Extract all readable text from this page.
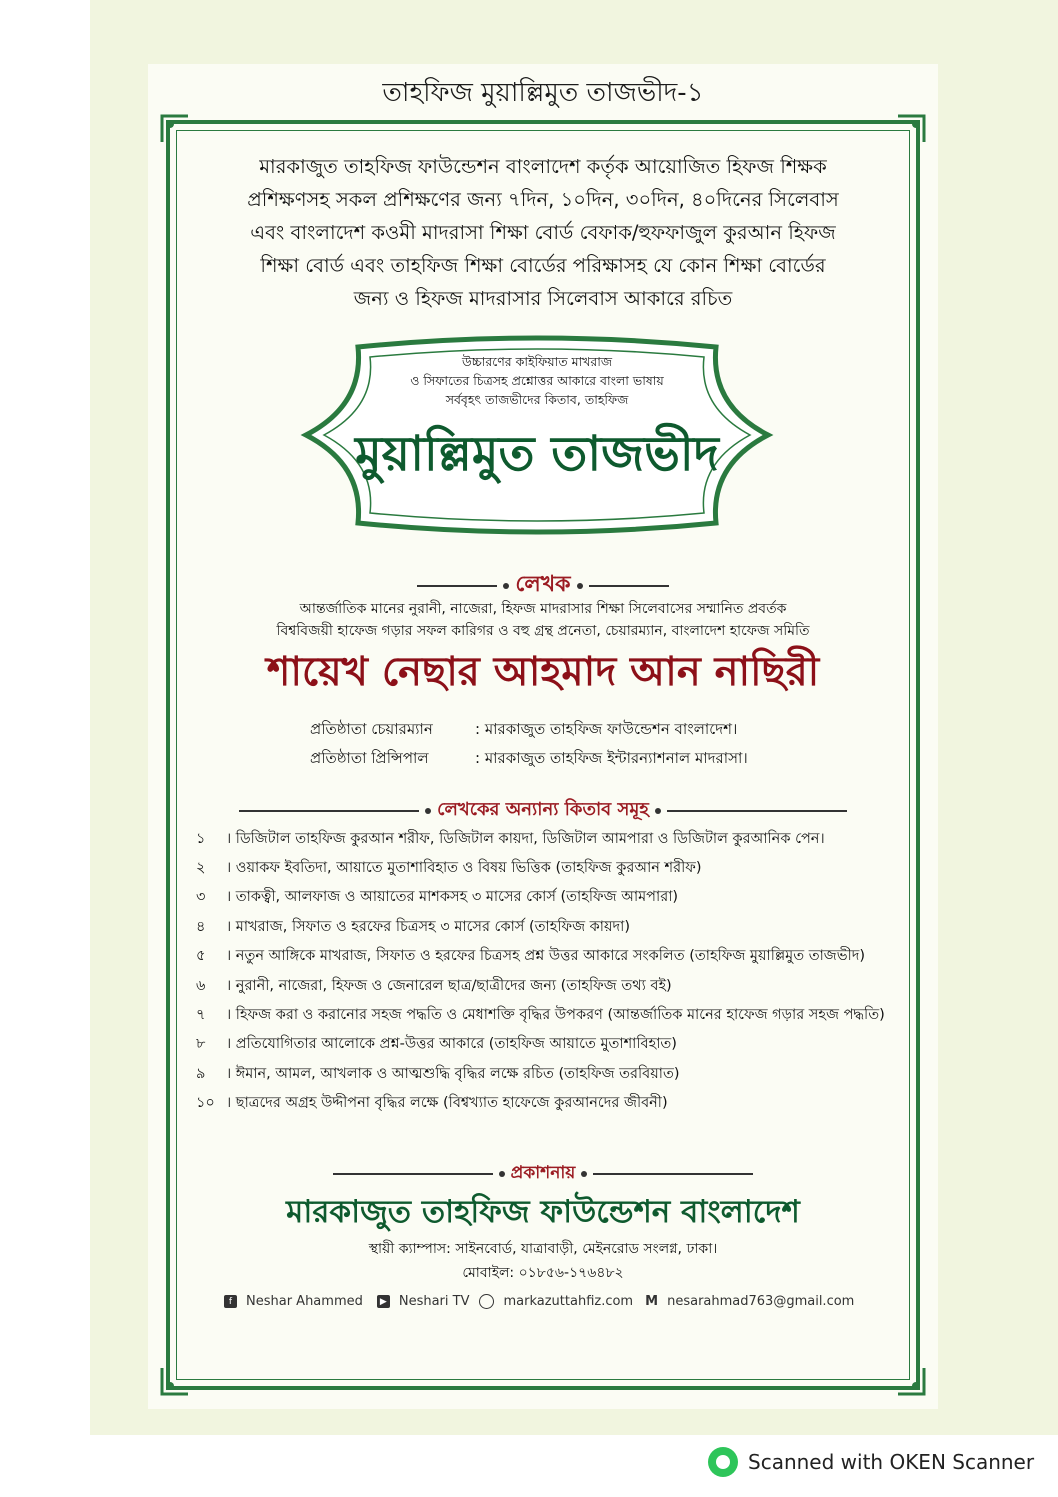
তাহফিজ মুয়াল্লিমুত তাজভীদ-১
মারকাজুত তাহফিজ ফাউন্ডেশন বাংলাদেশ কর্তৃক আয়োজিত হিফজ শিক্ষক
প্রশিক্ষণসহ সকল প্রশিক্ষণের জন্য ৭দিন, ১০দিন, ৩০দিন, ৪০দিনের সিলেবাস
এবং বাংলাদেশ কওমী মাদরাসা শিক্ষা বোর্ড বেফাক/হুফফাজুল কুরআন হিফজ
শিক্ষা বোর্ড এবং তাহফিজ শিক্ষা বোর্ডের পরিক্ষাসহ যে কোন শিক্ষা বোর্ডের
জন্য ও হিফজ মাদরাসার সিলেবাস আকারে রচিত
উচ্চারণের কাইফিয়াত মাখরাজ
ও সিফাতের চিত্রসহ প্রশ্নোত্তর আকারে বাংলা ভাষায়
সর্ববৃহৎ তাজভীদের কিতাব, তাহফিজ
মুয়াল্লিমুত তাজভীদ
লেখক
আন্তর্জাতিক মানের নুরানী, নাজেরা, হিফজ মাদরাসার শিক্ষা সিলেবাসের সম্মানিত প্রবর্তক
বিশ্ববিজয়ী হাফেজ গড়ার সফল কারিগর ও বহু গ্রন্থ প্রনেতা, চেয়ারম্যান, বাংলাদেশ হাফেজ সমিতি
শায়েখ নেছার আহমাদ আন নাছিরী
প্রতিষ্ঠাতা চেয়ারম্যান	: মারকাজুত তাহফিজ ফাউন্ডেশন বাংলাদেশ।
প্রতিষ্ঠাতা প্রিন্সিপাল	: মারকাজুত তাহফিজ ইন্টারন্যাশনাল মাদরাসা।
লেখকের অন্যান্য কিতাব সমূহ
১	। ডিজিটাল তাহফিজ কুরআন শরীফ, ডিজিটাল কায়দা, ডিজিটাল আমপারা ও ডিজিটাল কুরআনিক পেন।
২	। ওয়াকফ ইবতিদা, আয়াতে মুতাশাবিহাত ও বিষয় ভিত্তিক (তাহফিজ কুরআন শরীফ)
৩	। তাকত্বী, আলফাজ ও আয়াতের মাশকসহ ৩ মাসের কোর্স (তাহফিজ আমপারা)
৪	। মাখরাজ, সিফাত ও হরফের চিত্রসহ ৩ মাসের কোর্স (তাহফিজ কায়দা)
৫	। নতুন আঙ্গিকে মাখরাজ, সিফাত ও হরফের চিত্রসহ প্রশ্ন উত্তর আকারে সংকলিত (তাহফিজ মুয়াল্লিমুত তাজভীদ)
৬	। নুরানী, নাজেরা, হিফজ ও জেনারেল ছাত্র/ছাত্রীদের জন্য (তাহফিজ তথ্য বই)
৭	। হিফজ করা ও করানোর সহজ পদ্ধতি ও মেধাশক্তি বৃদ্ধির উপকরণ (আন্তর্জাতিক মানের হাফেজ গড়ার সহজ পদ্ধতি)
৮	। প্রতিযোগিতার আলোকে প্রশ্ন-উত্তর আকারে (তাহফিজ আয়াতে মুতাশাবিহাত)
৯	। ঈমান, আমল, আখলাক ও আত্মশুদ্ধি বৃদ্ধির লক্ষে রচিত (তাহফিজ তরবিয়াত)
১০ । ছাত্রদের অগ্রহ উদ্দীপনা বৃদ্ধির লক্ষে (বিশ্বখ্যাত হাফেজে কুরআনদের জীবনী)
প্রকাশনায়
মারকাজুত তাহফিজ ফাউন্ডেশন বাংলাদেশ
স্থায়ী ক্যাম্পাস: সাইনবোর্ড, যাত্রাবাড়ী, মেইনরোড সংলগ্ন, ঢাকা।
মোবাইল: ০১৮৫৬-১৭৬৪৮২
f	Neshar Ahammed	▶ Neshari TV	markazuttahfiz.com M nesarahmad763@gmail.com
Scanned with OKEN Scanner
